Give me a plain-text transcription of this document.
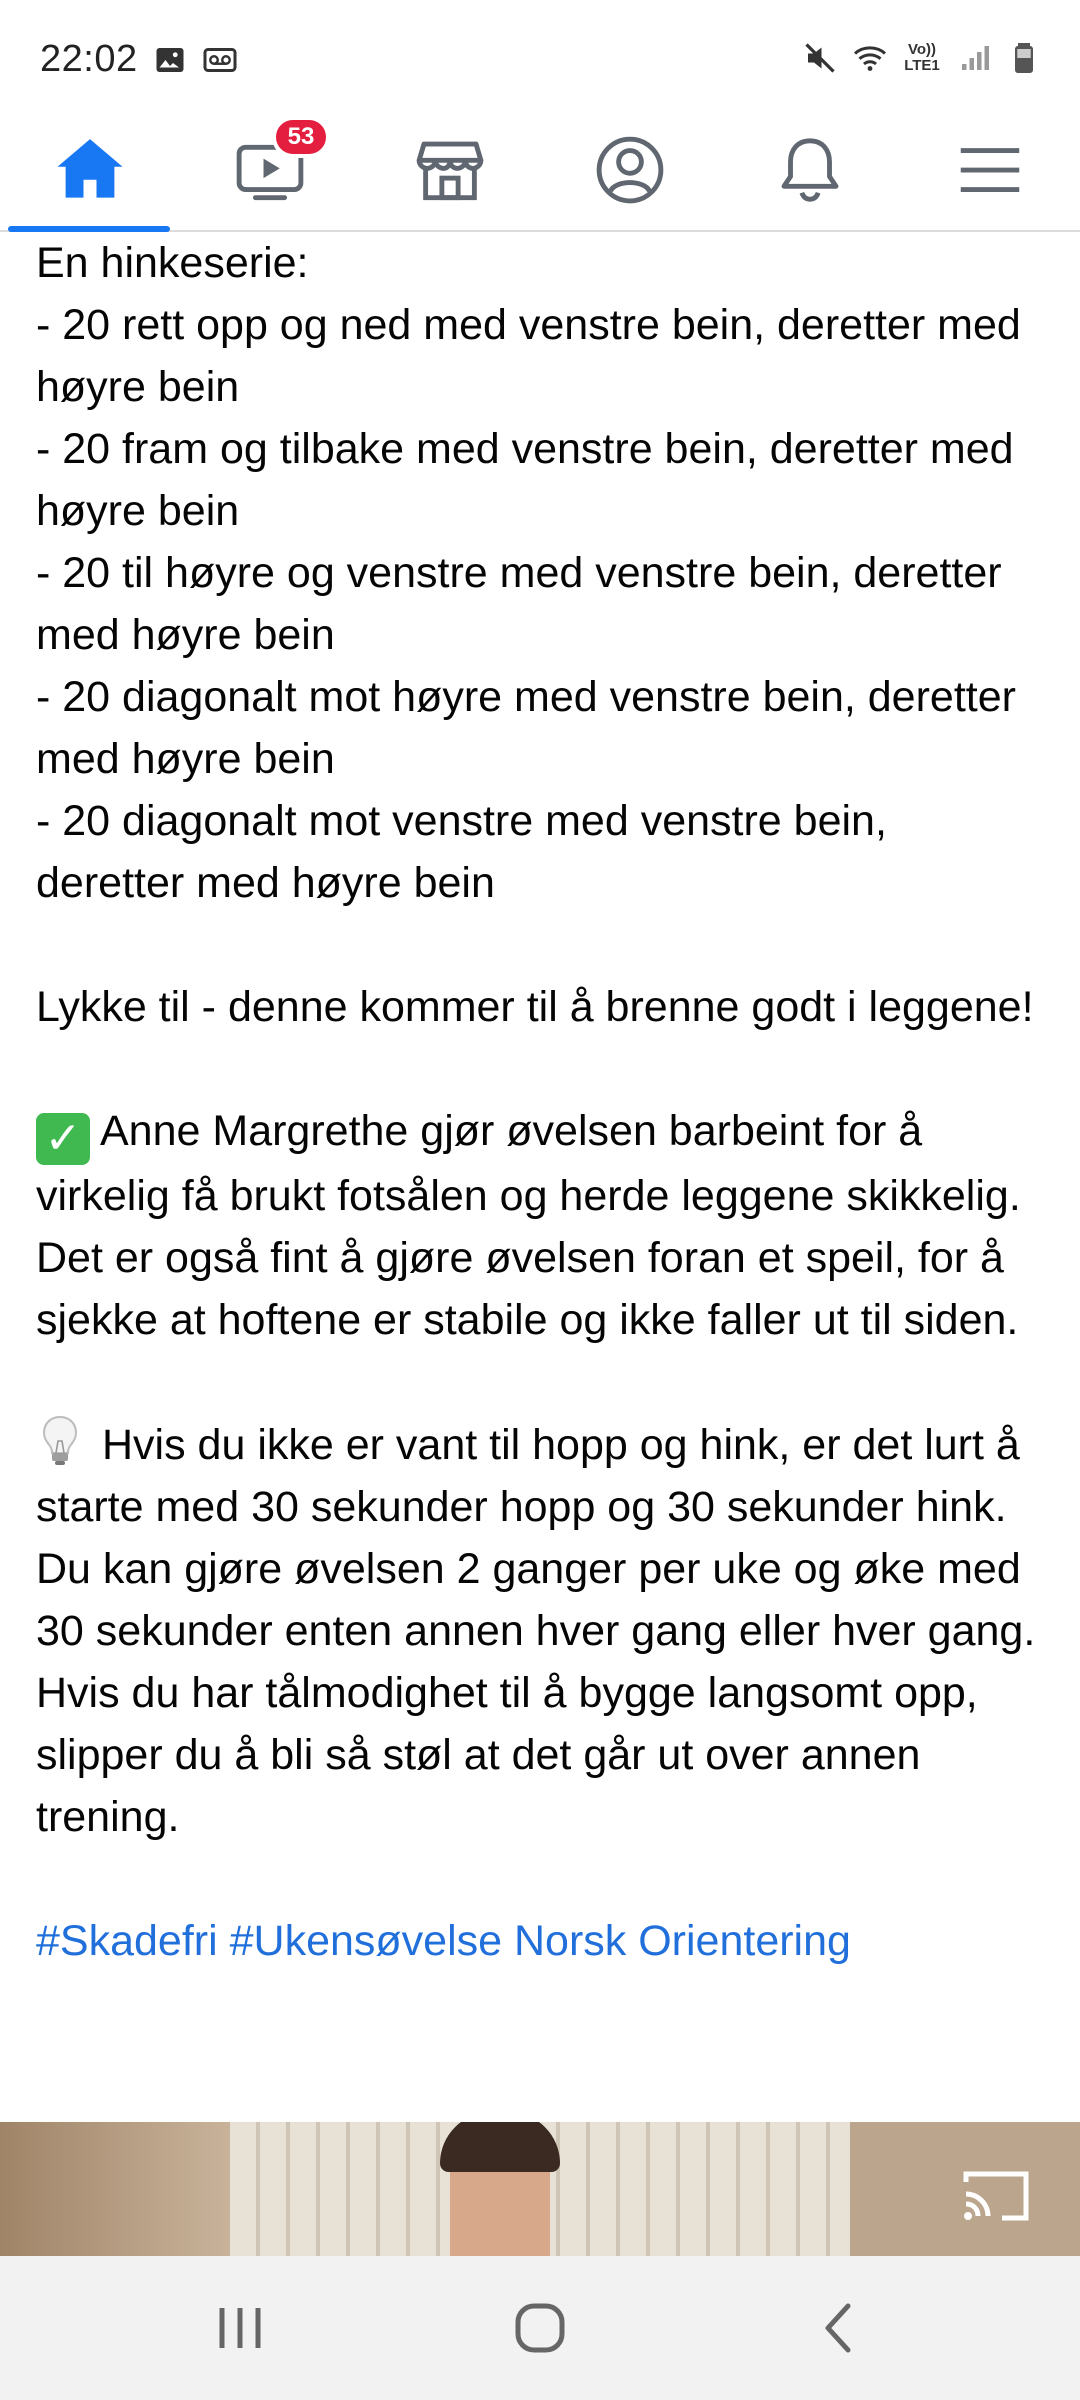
22:02	Vo))
LTE1
53

En hinkeserie:

- 20 rett opp og ned med venstre bein, deretter med høyre bein

- 20 fram og tilbake med venstre bein, deretter med høyre bein

- 20 til høyre og venstre med venstre bein, deretter med høyre bein

- 20 diagonalt mot høyre med venstre bein, deretter med høyre bein

- 20 diagonalt mot venstre med venstre bein, deretter med høyre bein

Lykke til - denne kommer til å brenne godt i leggene!

✓ Anne Margrethe gjør øvelsen barbeint for å virkelig få brukt fotsålen og herde leggene skikkelig. Det er også fint å gjøre øvelsen foran et speil, for å sjekke at hoftene er stabile og ikke faller ut til siden.

Hvis du ikke er vant til hopp og hink, er det lurt å starte med 30 sekunder hopp og 30 sekunder hink. Du kan gjøre øvelsen 2 ganger per uke og øke med 30 sekunder enten annen hver gang eller hver gang. Hvis du har tålmodighet til å bygge langsomt opp, slipper du å bli så støl at det går ut over annen trening.

#Skadefri #Ukensøvelse Norsk Orientering
